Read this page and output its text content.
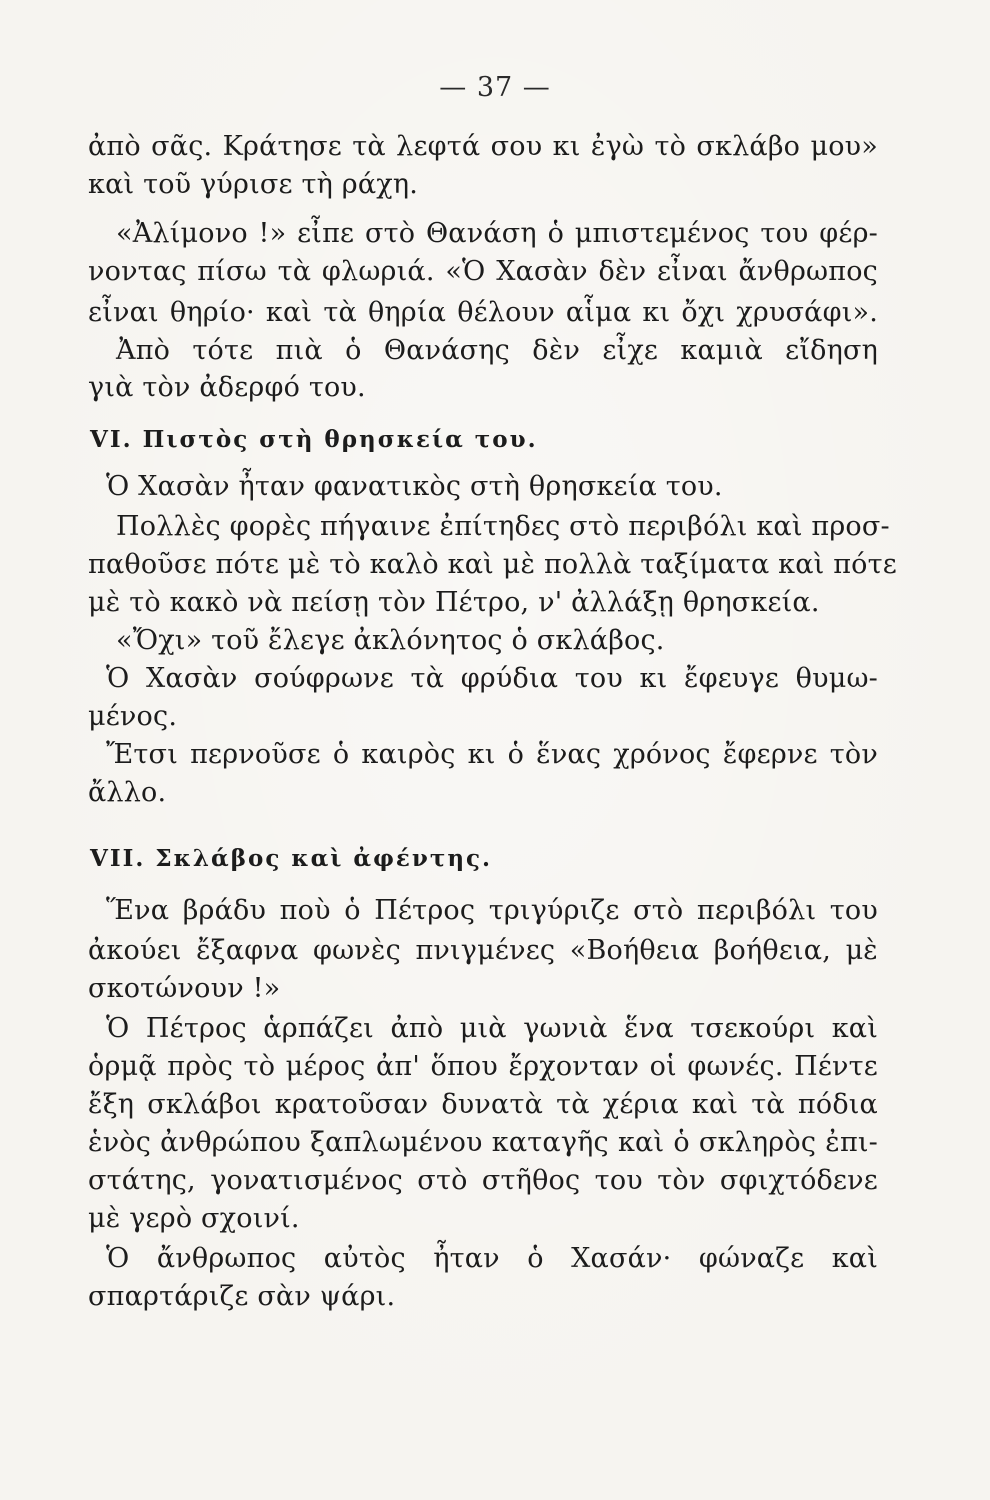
— 37 —
ἀπὸ σᾶς. Κράτησε τὰ λεφτά σου κι ἐγὼ τὸ σκλάβο μου»
καὶ τοῦ γύρισε τὴ ράχη.
«Ἀλίμονο !» εἶπε στὸ Θανάση ὁ μπιστεμένος του φέρ-
νοντας πίσω τὰ φλωριά. «Ὁ Χασὰν δὲν εἶναι ἄνθρωπος
εἶναι θηρίο· καὶ τὰ θηρία θέλουν αἷμα κι ὄχι χρυσάφι».
Ἀπὸ τότε πιὰ ὁ Θανάσης δὲν εἶχε καμιὰ εἴδηση
γιὰ τὸν ἀδερφό του.
VI. Πιστὸς στὴ θρησκεία του.
Ὁ Χασὰν ἦταν φανατικὸς στὴ θρησκεία του.
Πολλὲς φορὲς πήγαινε ἐπίτηδες στὸ περιβόλι καὶ προσ-
παθοῦσε πότε μὲ τὸ καλὸ καὶ μὲ πολλὰ ταξίματα καὶ πότε
μὲ τὸ κακὸ νὰ πείσῃ τὸν Πέτρο, ν' ἀλλάξῃ θρησκεία.
«Ὄχι» τοῦ ἔλεγε ἀκλόνητος ὁ σκλάβος.
Ὁ Χασὰν σούφρωνε τὰ φρύδια του κι ἔφευγε θυμω-
μένος.
Ἔτσι περνοῦσε ὁ καιρὸς κι ὁ ἕνας χρόνος ἔφερνε τὸν
ἄλλο.
VII. Σκλάβος καὶ ἀφέντης.
Ἕνα βράδυ ποὺ ὁ Πέτρος τριγύριζε στὸ περιβόλι του
ἀκούει ἔξαφνα φωνὲς πνιγμένες «Βοήθεια βοήθεια, μὲ
σκοτώνουν !»
Ὁ Πέτρος ἁρπάζει ἀπὸ μιὰ γωνιὰ ἕνα τσεκούρι καὶ
ὁρμᾷ πρὸς τὸ μέρος ἀπ' ὅπου ἔρχονταν οἱ φωνές. Πέντε
ἔξη σκλάβοι κρατοῦσαν δυνατὰ τὰ χέρια καὶ τὰ πόδια
ἑνὸς ἀνθρώπου ξαπλωμένου καταγῆς καὶ ὁ σκληρὸς ἐπι-
στάτης, γονατισμένος στὸ στῆθος του τὸν σφιχτόδενε
μὲ γερὸ σχοινί.
Ὁ ἄνθρωπος αὐτὸς ἦταν ὁ Χασάν· φώναζε καὶ
σπαρτάριζε σὰν ψάρι.
